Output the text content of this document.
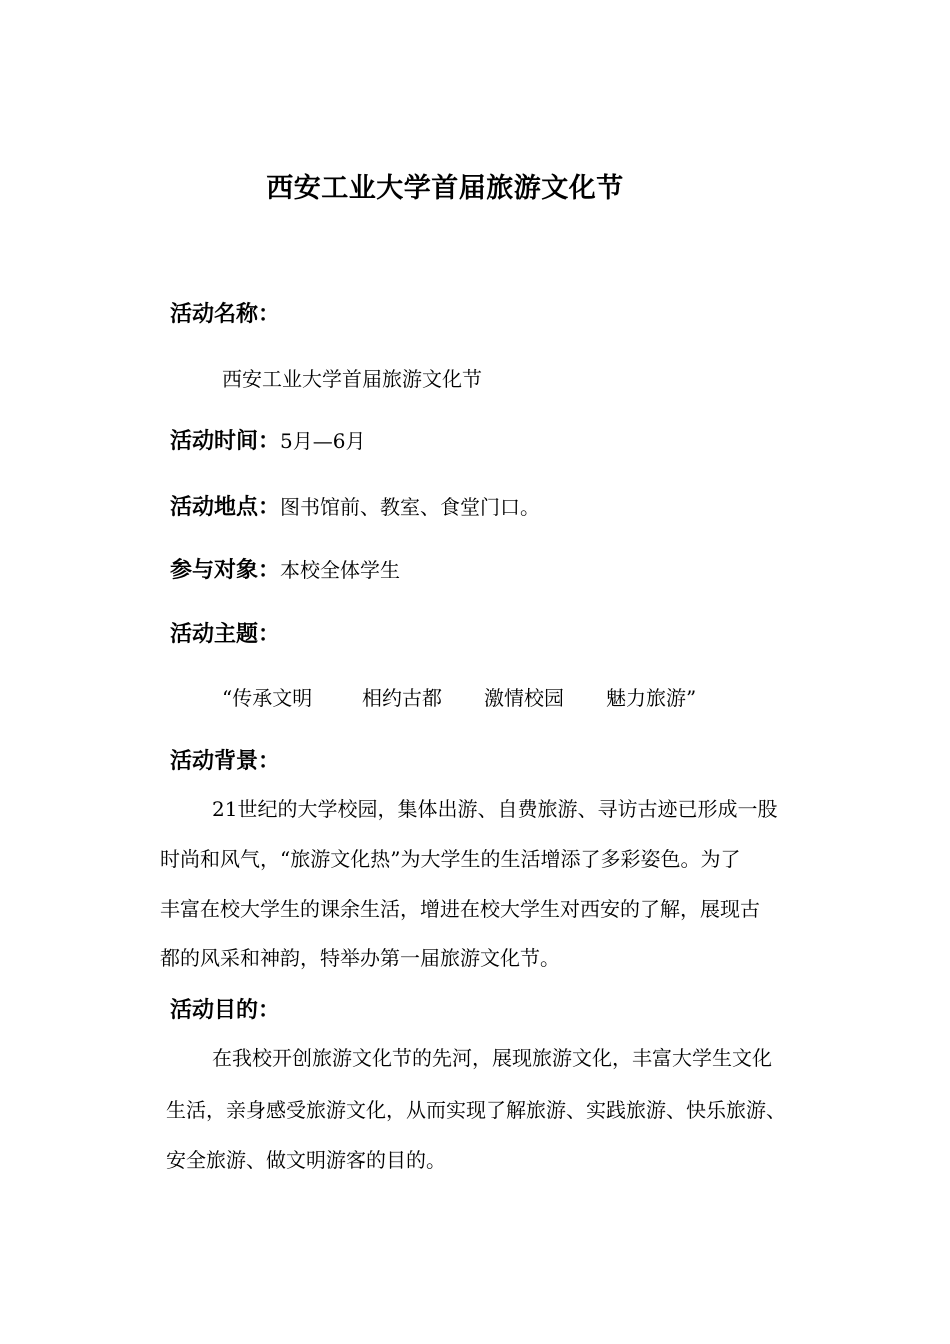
西安工业大学首届旅游文化节
活动名称：
西安工业大学首届旅游文化节
活动时间：5月—6月
活动地点：图书馆前、教室、食堂门口。
参与对象：本校全体学生
活动主题：
“传承文明 相约古都 激情校园 魅力旅游”
活动背景：
21世纪的大学校园，集体出游、自费旅游、寻访古迹已形成一股
时尚和风气，“旅游文化热”为大学生的生活增添了多彩姿色。为了
丰富在校大学生的课余生活，增进在校大学生对西安的了解，展现古
都的风采和神韵，特举办第一届旅游文化节。
活动目的：
在我校开创旅游文化节的先河，展现旅游文化，丰富大学生文化
生活，亲身感受旅游文化，从而实现了解旅游、实践旅游、快乐旅游、
安全旅游、做文明游客的目的。
